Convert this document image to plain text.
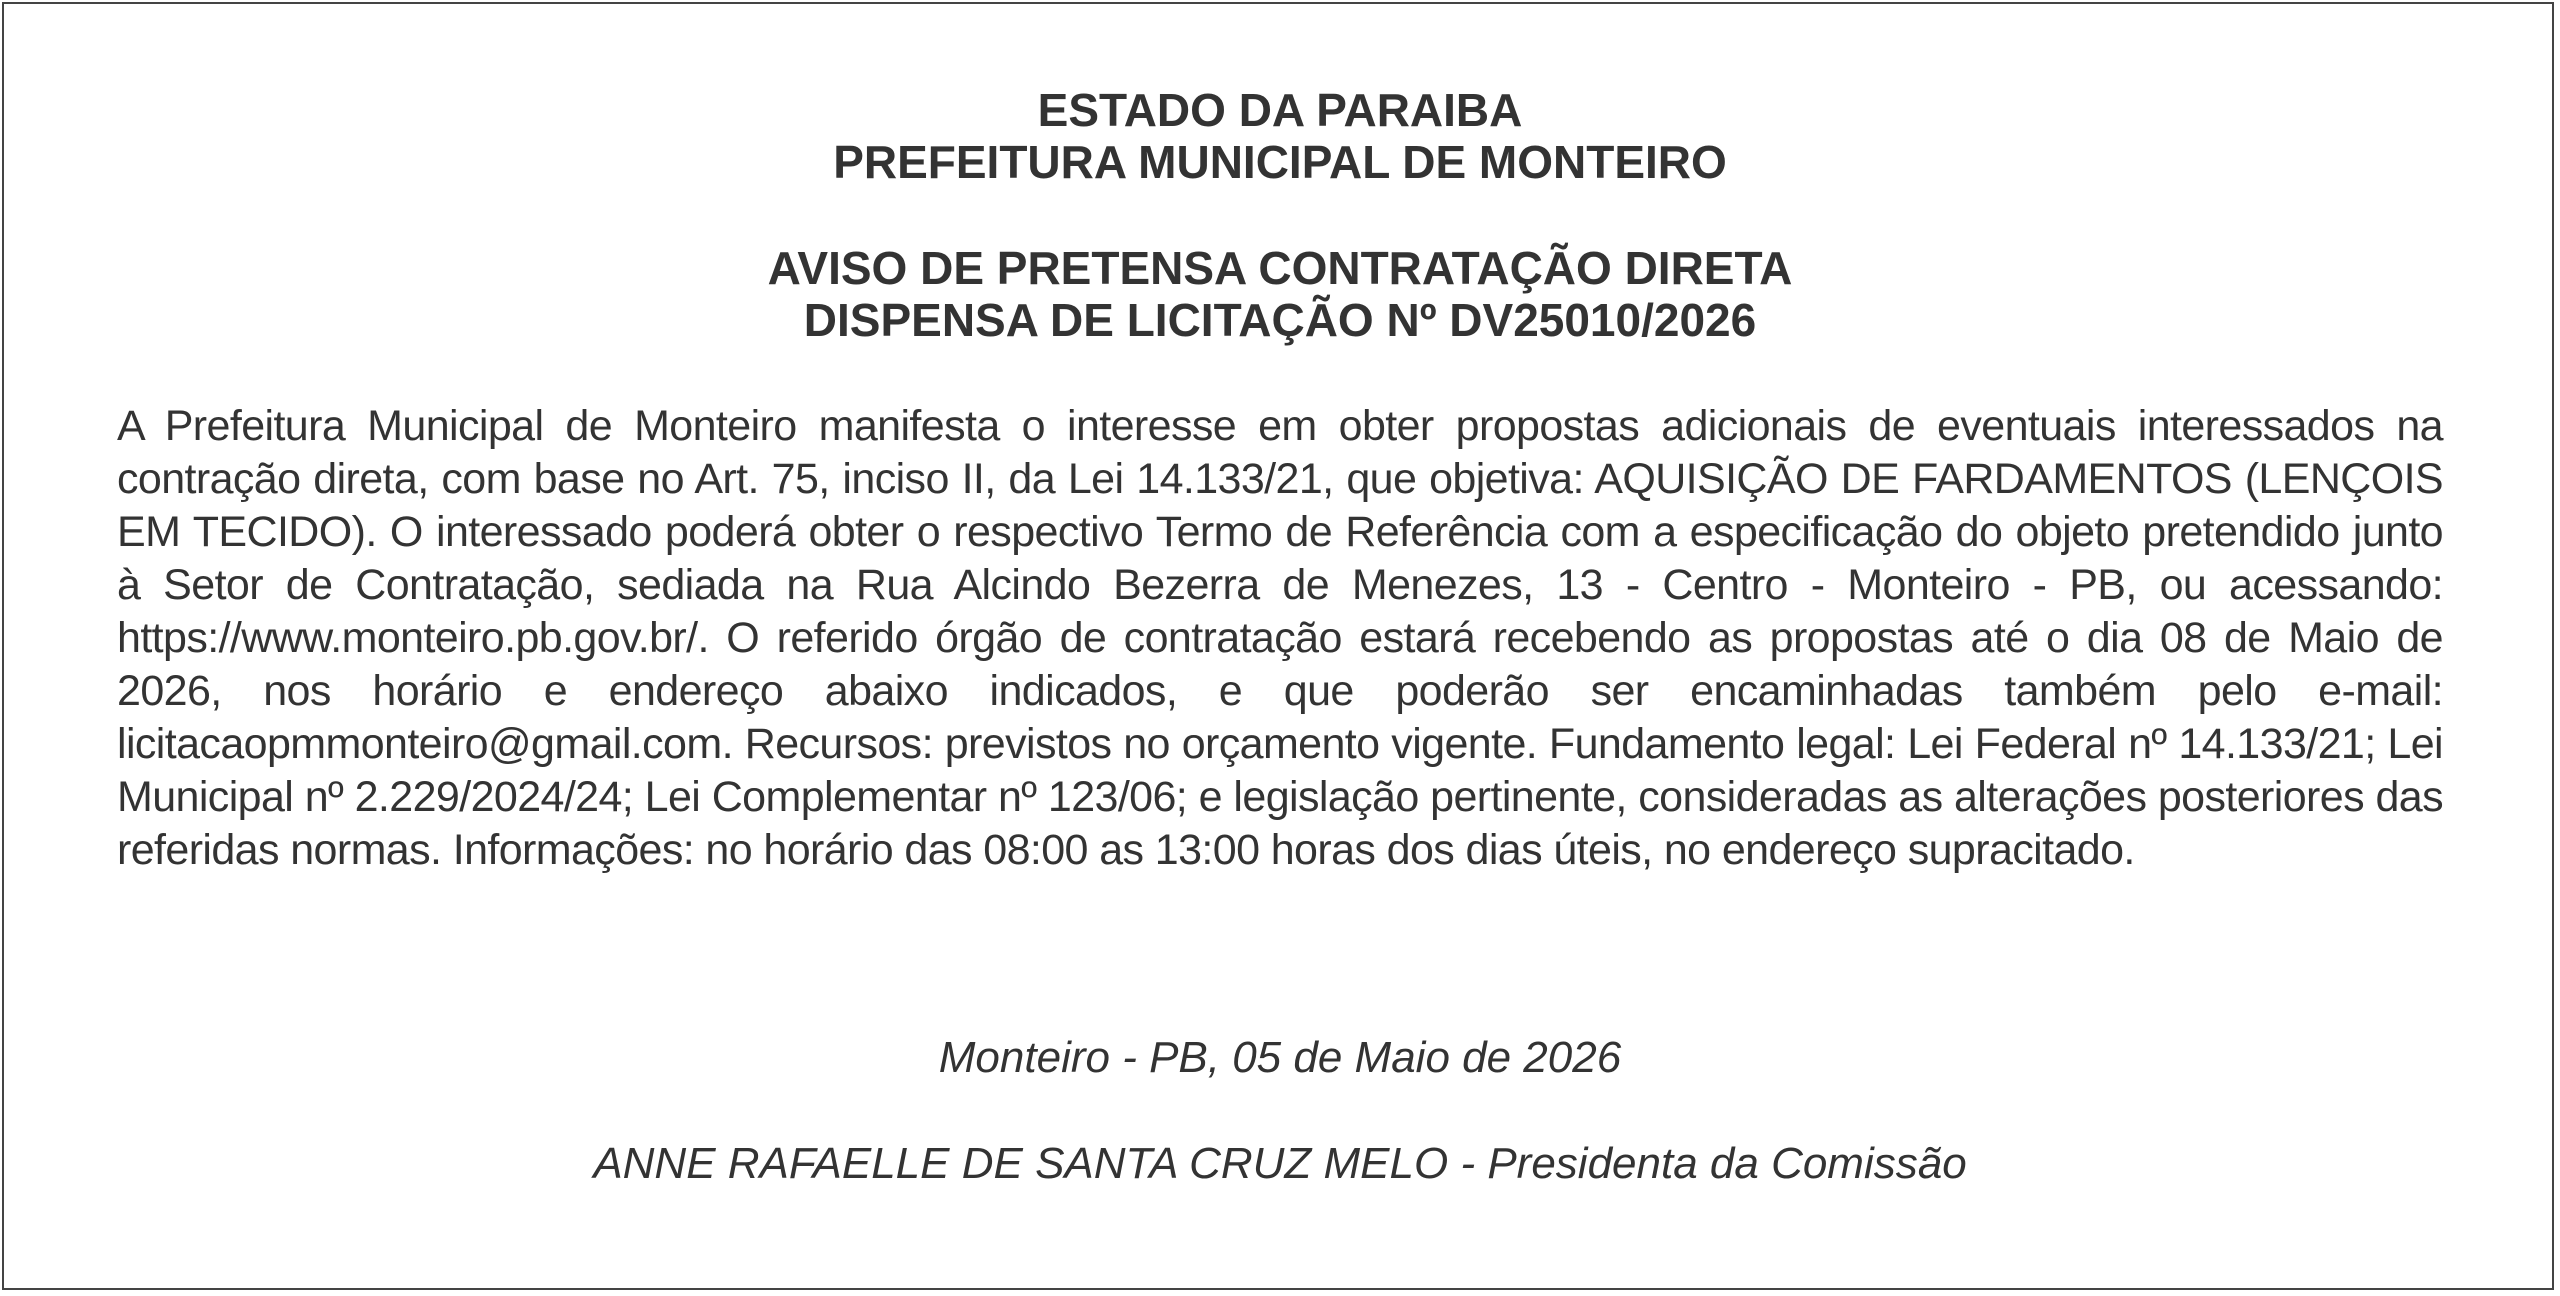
ESTADO DA PARAIBA
PREFEITURA MUNICIPAL DE MONTEIRO
AVISO DE PRETENSA CONTRATAÇÃO DIRETA
DISPENSA DE LICITAÇÃO Nº DV25010/2026
A Prefeitura Municipal de Monteiro manifesta o interesse em obter propostas adicionais de eventuais interessados na contração direta, com base no Art. 75, inciso II, da Lei 14.133/21, que objetiva: AQUISIÇÃO DE FARDAMENTOS (LENÇOIS EM TECIDO). O interessado poderá obter o respectivo Termo de Referência com a especificação do objeto pretendido junto à Setor de Contratação, sediada na Rua Alcindo Bezerra de Menezes, 13 - Centro - Monteiro - PB, ou acessando: https://www.monteiro.pb.gov.br/. O referido órgão de contratação estará recebendo as propostas até o dia 08 de Maio de 2026, nos horário e endereço abaixo indicados, e que poderão ser encaminhadas também pelo e-mail: licitacaopmmonteiro@gmail.com. Recursos: previstos no orçamento vigente. Fundamento legal: Lei Federal nº 14.133/21; Lei Municipal nº 2.229/2024/24; Lei Complementar nº 123/06; e legislação pertinente, consideradas as alterações posteriores das referidas normas. Informações: no horário das 08:00 as 13:00 horas dos dias úteis, no endereço supracitado.
Monteiro - PB, 05 de Maio de 2026
ANNE RAFAELLE DE SANTA CRUZ MELO - Presidenta da Comissão
